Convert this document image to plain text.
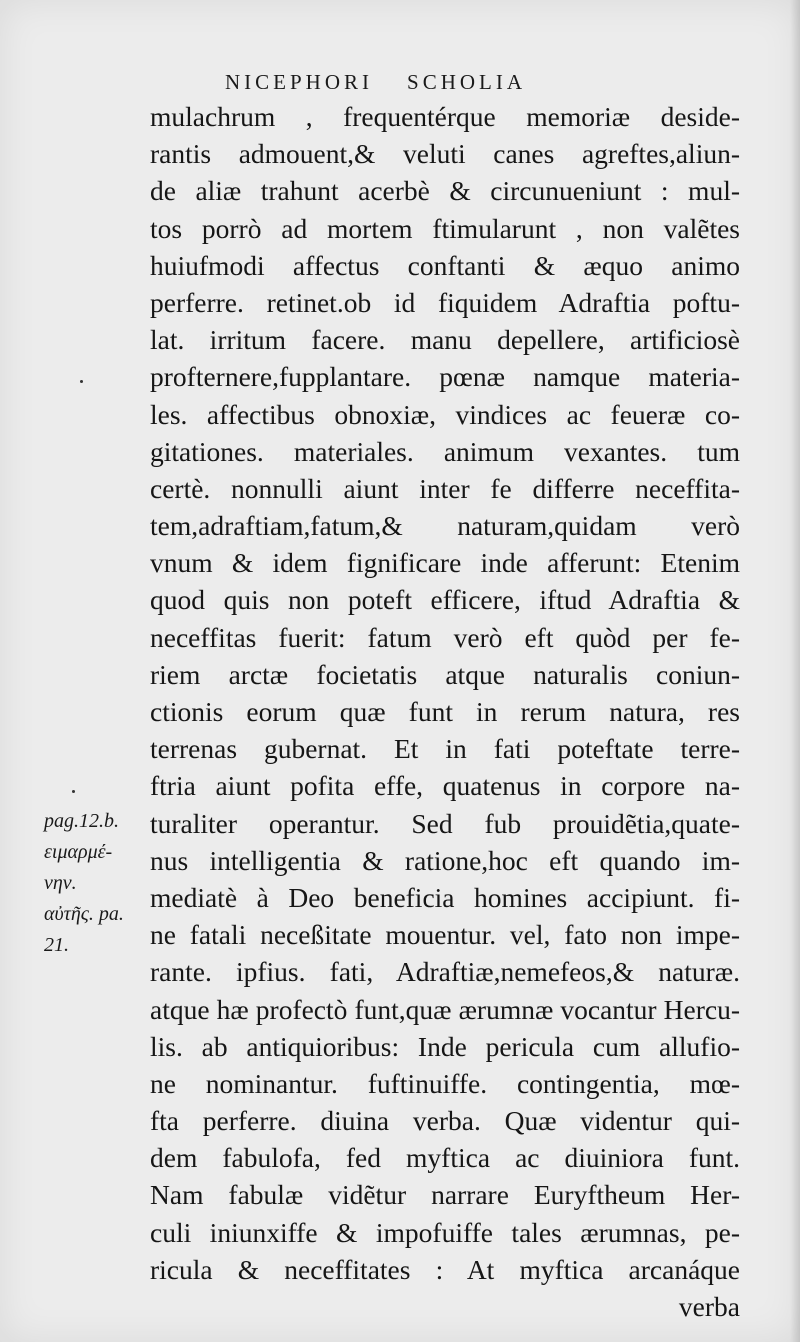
NICEPHORI SCHOLIA
mulachrum , frequentérque memoriæ deside-
rantis admouent,& veluti canes agreftes,aliun-
de aliæ trahunt acerbè & circunueniunt : mul-
tos porrò ad mortem ftimularunt , non valẽtes
huiufmodi affectus conftanti & æquo animo
perferre. retinet.ob id fiquidem Adraftia poftu-
lat. irritum facere. manu depellere, artificiosè
profternere,fupplantare. pœnæ namque materia-
les. affectibus obnoxiæ, vindices ac feueræ co-
gitationes. materiales. animum vexantes. tum
certè. nonnulli aiunt inter fe differre neceffita-
tem,adraftiam,fatum,& naturam,quidam verò
vnum & idem fignificare inde afferunt: Etenim
quod quis non poteft efficere, iftud Adraftia &
neceffitas fuerit: fatum verò eft quòd per fe-
riem arctæ focietatis atque naturalis coniun-
ctionis eorum quæ funt in rerum natura, res
terrenas gubernat. Et in fati poteftate terre-
ftria aiunt pofita effe, quatenus in corpore na-
turaliter operantur. Sed fub prouidẽtia,quate-
nus intelligentia & ratione,hoc eft quando im-
mediatè à Deo beneficia homines accipiunt. fi-
ne fatali neceßitate mouentur. vel, fato non impe-
rante. ipfius. fati, Adraftiæ,nemefeos,& naturæ.
atque hæ profectò funt,quæ ærumnæ vocantur Hercu-
lis. ab antiquioribus: Inde pericula cum allufio-
ne nominantur. fuftinuiffe. contingentia, mœ-
fta perferre. diuina verba. Quæ videntur qui-
dem fabulofa, fed myftica ac diuiniora funt.
Nam fabulæ vidẽtur narrare Euryftheum Her-
culi iniunxiffe & impofuiffe tales ærumnas, pe-
ricula & neceffitates : At myftica arcanáque
verba
pag.12.b.
ειμαρμέ-
νην.
αὐτῆς. pa.
21.
